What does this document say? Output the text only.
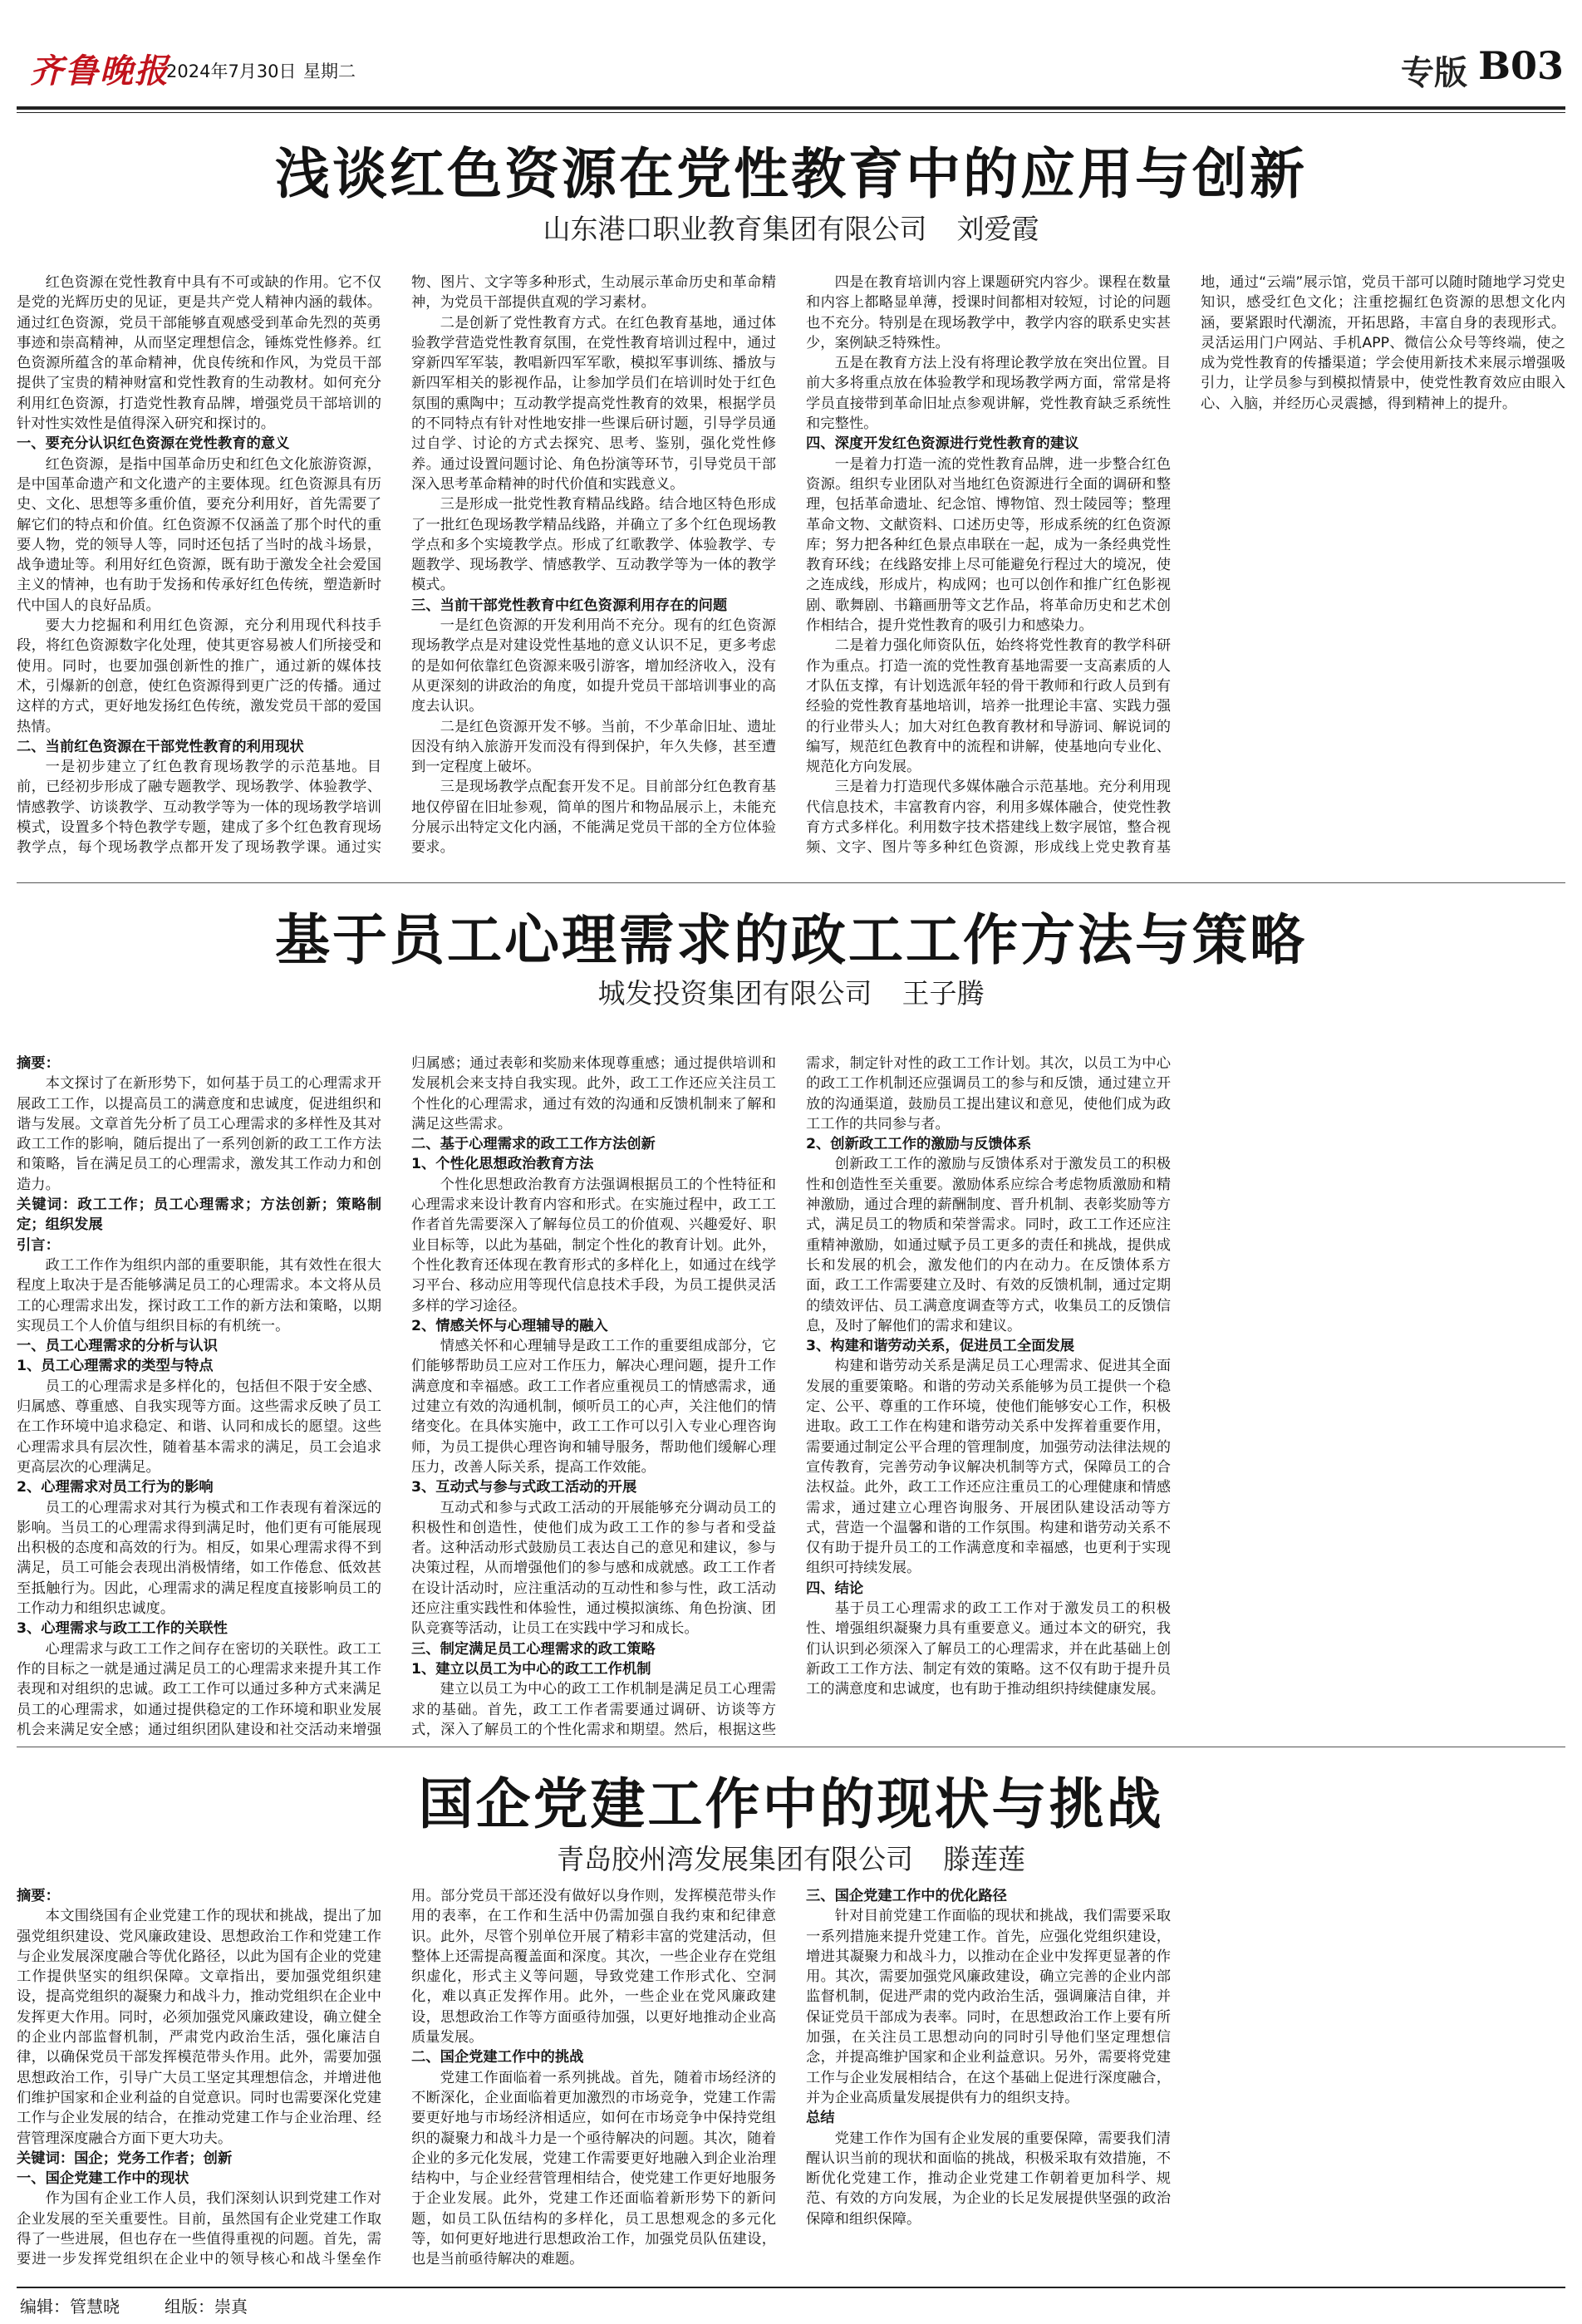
齐鲁晚报
2024年7月30日 星期二	专版 B03
浅谈红色资源在党性教育中的应用与创新
山东港口职业教育集团有限公司 刘爱霞

红色资源在党性教育中具有不可或缺的作用。它不仅是党的光辉历史的见证，更是共产党人精神内涵的载体。通过红色资源，党员干部能够直观感受到革命先烈的英勇事迹和崇高精神，从而坚定理想信念，锤炼党性修养。红色资源所蕴含的革命精神，优良传统和作风，为党员干部提供了宝贵的精神财富和党性教育的生动教材。如何充分利用红色资源，打造党性教育品牌，增强党员干部培训的针对性实效性是值得深入研究和探讨的。

一、要充分认识红色资源在党性教育的意义

红色资源，是指中国革命历史和红色文化旅游资源，是中国革命遗产和文化遗产的主要体现。红色资源具有历史、文化、思想等多重价值，要充分利用好，首先需要了解它们的特点和价值。红色资源不仅涵盖了那个时代的重要人物，党的领导人等，同时还包括了当时的战斗场景，战争遗址等。利用好红色资源，既有助于激发全社会爱国主义的情神，也有助于发扬和传承好红色传统，塑造新时代中国人的良好品质。

要大力挖掘和利用红色资源，充分利用现代科技手段，将红色资源数字化处理，使其更容易被人们所接受和使用。同时，也要加强创新性的推广，通过新的媒体技术，引爆新的创意，使红色资源得到更广泛的传播。通过这样的方式，更好地发扬红色传统，激发党员干部的爱国热情。

二、当前红色资源在干部党性教育的利用现状

一是初步建立了红色教育现场教学的示范基地。目前，已经初步形成了融专题教学、现场教学、体验教学、情感教学、访谈教学、互动教学等为一体的现场教学培训模式，设置多个特色教学专题，建成了多个红色教育现场教学点，每个现场教学点都开发了现场教学课。通过实物、图片、文字等多种形式，生动展示革命历史和革命精神，为党员干部提供直观的学习素材。

二是创新了党性教育方式。在红色教育基地，通过体验教学营造党性教育氛围，在党性教育培训过程中，通过穿新四军军装，教唱新四军军歌，模拟军事训练、播放与新四军相关的影视作品，让参加学员们在培训时处于红色氛围的熏陶中；互动教学提高党性教育的效果，根据学员的不同特点有针对性地安排一些课后研讨题，引导学员通过自学、讨论的方式去探究、思考、鉴别，强化党性修养。通过设置问题讨论、角色扮演等环节，引导党员干部深入思考革命精神的时代价值和实践意义。

三是形成一批党性教育精品线路。结合地区特色形成了一批红色现场教学精品线路，并确立了多个红色现场教学点和多个实境教学点。形成了红歌教学、体验教学、专题教学、现场教学、情感教学、互动教学等为一体的教学模式。

三、当前干部党性教育中红色资源利用存在的问题

一是红色资源的开发利用尚不充分。现有的红色资源现场教学点是对建设党性基地的意义认识不足，更多考虑的是如何依靠红色资源来吸引游客，增加经济收入，没有从更深刻的讲政治的角度，如提升党员干部培训事业的高度去认识。

二是红色资源开发不够。当前，不少革命旧址、遗址因没有纳入旅游开发而没有得到保护，年久失修，甚至遭到一定程度上破坏。

三是现场教学点配套开发不足。目前部分红色教育基地仅停留在旧址参观，简单的图片和物品展示上，未能充分展示出特定文化内涵，不能满足党员干部的全方位体验要求。

四是在教育培训内容上课题研究内容少。课程在数量和内容上都略显单薄，授课时间都相对较短，讨论的问题也不充分。特别是在现场教学中，教学内容的联系史实甚少，案例缺乏特殊性。

五是在教育方法上没有将理论教学放在突出位置。目前大多将重点放在体验教学和现场教学两方面，常常是将学员直接带到革命旧址点参观讲解，党性教育缺乏系统性和完整性。

四、深度开发红色资源进行党性教育的建议

一是着力打造一流的党性教育品牌，进一步整合红色资源。组织专业团队对当地红色资源进行全面的调研和整理，包括革命遗址、纪念馆、博物馆、烈士陵园等；整理革命文物、文献资料、口述历史等，形成系统的红色资源库；努力把各种红色景点串联在一起，成为一条经典党性教育环线；在线路安排上尽可能避免行程过大的境况，使之连成线，形成片，构成网；也可以创作和推广红色影视剧、歌舞剧、书籍画册等文艺作品，将革命历史和艺术创作相结合，提升党性教育的吸引力和感染力。

二是着力强化师资队伍，始终将党性教育的教学科研作为重点。打造一流的党性教育基地需要一支高素质的人才队伍支撑，有计划选派年轻的骨干教师和行政人员到有经验的党性教育基地培训，培养一批理论丰富、实践力强的行业带头人；加大对红色教育教材和导游词、解说词的编写，规范红色教育中的流程和讲解，使基地向专业化、规范化方向发展。

三是着力打造现代多媒体融合示范基地。充分利用现代信息技术，丰富教育内容，利用多媒体融合，使党性教育方式多样化。利用数字技术搭建线上数字展馆，整合视频、文字、图片等多种红色资源，形成线上党史教育基地，通过“云端”展示馆，党员干部可以随时随地学习党史知识，感受红色文化；注重挖掘红色资源的思想文化内涵，要紧跟时代潮流，开拓思路，丰富自身的表现形式。灵活运用门户网站、手机APP、微信公众号等终端，使之成为党性教育的传播渠道；学会使用新技术来展示增强吸引力，让学员参与到模拟情景中，使党性教育效应由眼入心、入脑，并经历心灵震撼，得到精神上的提升。

基于员工心理需求的政工工作方法与策略
城发投资集团有限公司 王子腾

摘要：

本文探讨了在新形势下，如何基于员工的心理需求开展政工工作，以提高员工的满意度和忠诚度，促进组织和谐与发展。文章首先分析了员工心理需求的多样性及其对政工工作的影响，随后提出了一系列创新的政工工作方法和策略，旨在满足员工的心理需求，激发其工作动力和创造力。

关键词：政工工作；员工心理需求；方法创新；策略制定；组织发展

引言：

政工工作作为组织内部的重要职能，其有效性在很大程度上取决于是否能够满足员工的心理需求。本文将从员工的心理需求出发，探讨政工工作的新方法和策略，以期实现员工个人价值与组织目标的有机统一。

一、员工心理需求的分析与认识
1、员工心理需求的类型与特点

员工的心理需求是多样化的，包括但不限于安全感、归属感、尊重感、自我实现等方面。这些需求反映了员工在工作环境中追求稳定、和谐、认同和成长的愿望。这些心理需求具有层次性，随着基本需求的满足，员工会追求更高层次的心理满足。

2、心理需求对员工行为的影响

员工的心理需求对其行为模式和工作表现有着深远的影响。当员工的心理需求得到满足时，他们更有可能展现出积极的态度和高效的行为。相反，如果心理需求得不到满足，员工可能会表现出消极情绪，如工作倦怠、低效甚至抵触行为。因此，心理需求的满足程度直接影响员工的工作动力和组织忠诚度。

3、心理需求与政工工作的关联性

心理需求与政工工作之间存在密切的关联性。政工工作的目标之一就是通过满足员工的心理需求来提升其工作表现和对组织的忠诚。政工工作可以通过多种方式来满足员工的心理需求，如通过提供稳定的工作环境和职业发展机会来满足安全感；通过组织团队建设和社交活动来增强归属感；通过表彰和奖励来体现尊重感；通过提供培训和发展机会来支持自我实现。此外，政工工作还应关注员工个性化的心理需求，通过有效的沟通和反馈机制来了解和满足这些需求。

二、基于心理需求的政工工作方法创新
1、个性化思想政治教育方法

个性化思想政治教育方法强调根据员工的个性特征和心理需求来设计教育内容和形式。在实施过程中，政工工作者首先需要深入了解每位员工的价值观、兴趣爱好、职业目标等，以此为基础，制定个性化的教育计划。此外，个性化教育还体现在教育形式的多样化上，如通过在线学习平台、移动应用等现代信息技术手段，为员工提供灵活多样的学习途径。

2、情感关怀与心理辅导的融入

情感关怀和心理辅导是政工工作的重要组成部分，它们能够帮助员工应对工作压力，解决心理问题，提升工作满意度和幸福感。政工工作者应重视员工的情感需求，通过建立有效的沟通机制，倾听员工的心声，关注他们的情绪变化。在具体实施中，政工工作可以引入专业心理咨询师，为员工提供心理咨询和辅导服务，帮助他们缓解心理压力，改善人际关系，提高工作效能。

3、互动式与参与式政工活动的开展

互动式和参与式政工活动的开展能够充分调动员工的积极性和创造性，使他们成为政工工作的参与者和受益者。这种活动形式鼓励员工表达自己的意见和建议，参与决策过程，从而增强他们的参与感和成就感。政工工作者在设计活动时，应注重活动的互动性和参与性，政工活动还应注重实践性和体验性，通过模拟演练、角色扮演、团队竞赛等活动，让员工在实践中学习和成长。

三、制定满足员工心理需求的政工策略
1、建立以员工为中心的政工工作机制

建立以员工为中心的政工工作机制是满足员工心理需求的基础。首先，政工工作者需要通过调研、访谈等方式，深入了解员工的个性化需求和期望。然后，根据这些需求，制定针对性的政工工作计划。其次，以员工为中心的政工工作机制还应强调员工的参与和反馈，通过建立开放的沟通渠道，鼓励员工提出建议和意见，使他们成为政工工作的共同参与者。

2、创新政工工作的激励与反馈体系

创新政工工作的激励与反馈体系对于激发员工的积极性和创造性至关重要。激励体系应综合考虑物质激励和精神激励，通过合理的薪酬制度、晋升机制、表彰奖励等方式，满足员工的物质和荣誉需求。同时，政工工作还应注重精神激励，如通过赋予员工更多的责任和挑战，提供成长和发展的机会，激发他们的内在动力。在反馈体系方面，政工工作需要建立及时、有效的反馈机制，通过定期的绩效评估、员工满意度调查等方式，收集员工的反馈信息，及时了解他们的需求和建议。

3、构建和谐劳动关系，促进员工全面发展

构建和谐劳动关系是满足员工心理需求、促进其全面发展的重要策略。和谐的劳动关系能够为员工提供一个稳定、公平、尊重的工作环境，使他们能够安心工作，积极进取。政工工作在构建和谐劳动关系中发挥着重要作用，需要通过制定公平合理的管理制度，加强劳动法律法规的宣传教育，完善劳动争议解决机制等方式，保障员工的合法权益。此外，政工工作还应注重员工的心理健康和情感需求，通过建立心理咨询服务、开展团队建设活动等方式，营造一个温馨和谐的工作氛围。构建和谐劳动关系不仅有助于提升员工的工作满意度和幸福感，也更利于实现组织可持续发展。

四、结论

基于员工心理需求的政工工作对于激发员工的积极性、增强组织凝聚力具有重要意义。通过本文的研究，我们认识到必须深入了解员工的心理需求，并在此基础上创新政工工作方法、制定有效的策略。这不仅有助于提升员工的满意度和忠诚度，也有助于推动组织持续健康发展。

国企党建工作中的现状与挑战
青岛胶州湾发展集团有限公司 滕莲莲

摘要：

本文围绕国有企业党建工作的现状和挑战，提出了加强党组织建设、党风廉政建设、思想政治工作和党建工作与企业发展深度融合等优化路径，以此为国有企业的党建工作提供坚实的组织保障。文章指出，要加强党组织建设，提高党组织的凝聚力和战斗力，推动党组织在企业中发挥更大作用。同时，必须加强党风廉政建设，确立健全的企业内部监督机制，严肃党内政治生活，强化廉洁自律，以确保党员干部发挥模范带头作用。此外，需要加强思想政治工作，引导广大员工坚定其理想信念，并增进他们维护国家和企业利益的自觉意识。同时也需要深化党建工作与企业发展的结合，在推动党建工作与企业治理、经营管理深度融合方面下更大功夫。

关键词：国企；党务工作者；创新

一、国企党建工作中的现状

作为国有企业工作人员，我们深刻认识到党建工作对企业发展的至关重要性。目前，虽然国有企业党建工作取得了一些进展，但也存在一些值得重视的问题。首先，需要进一步发挥党组织在企业中的领导核心和战斗堡垒作用。部分党员干部还没有做好以身作则，发挥模范带头作用的表率，在工作和生活中仍需加强自我约束和纪律意识。此外，尽管个别单位开展了精彩丰富的党建活动，但整体上还需提高覆盖面和深度。其次，一些企业存在党组织虚化，形式主义等问题，导致党建工作形式化、空洞化，难以真正发挥作用。此外，一些企业在党风廉政建设，思想政治工作等方面亟待加强，以更好地推动企业高质量发展。

二、国企党建工作中的挑战

党建工作面临着一系列挑战。首先，随着市场经济的不断深化，企业面临着更加激烈的市场竞争，党建工作需要更好地与市场经济相适应，如何在市场竞争中保持党组织的凝聚力和战斗力是一个亟待解决的问题。其次，随着企业的多元化发展，党建工作需要更好地融入到企业治理结构中，与企业经营管理相结合，使党建工作更好地服务于企业发展。此外，党建工作还面临着新形势下的新问题，如员工队伍结构的多样化，员工思想观念的多元化等，如何更好地进行思想政治工作，加强党员队伍建设，也是当前亟待解决的难题。

三、国企党建工作中的优化路径

针对目前党建工作面临的现状和挑战，我们需要采取一系列措施来提升党建工作。首先，应强化党组织建设，增进其凝聚力和战斗力，以推动在企业中发挥更显著的作用。其次，需要加强党风廉政建设，确立完善的企业内部监督机制，促进严肃的党内政治生活，强调廉洁自律，并保证党员干部成为表率。同时，在思想政治工作上要有所加强，在关注员工思想动向的同时引导他们坚定理想信念，并提高维护国家和企业利益意识。另外，需要将党建工作与企业发展相结合，在这个基础上促进行深度融合，并为企业高质量发展提供有力的组织支持。

总结

党建工作作为国有企业发展的重要保障，需要我们清醒认识当前的现状和面临的挑战，积极采取有效措施，不断优化党建工作，推动企业党建工作朝着更加科学、规范、有效的方向发展，为企业的长足发展提供坚强的政治保障和组织保障。

编辑：管慧晓	组版：崇真
